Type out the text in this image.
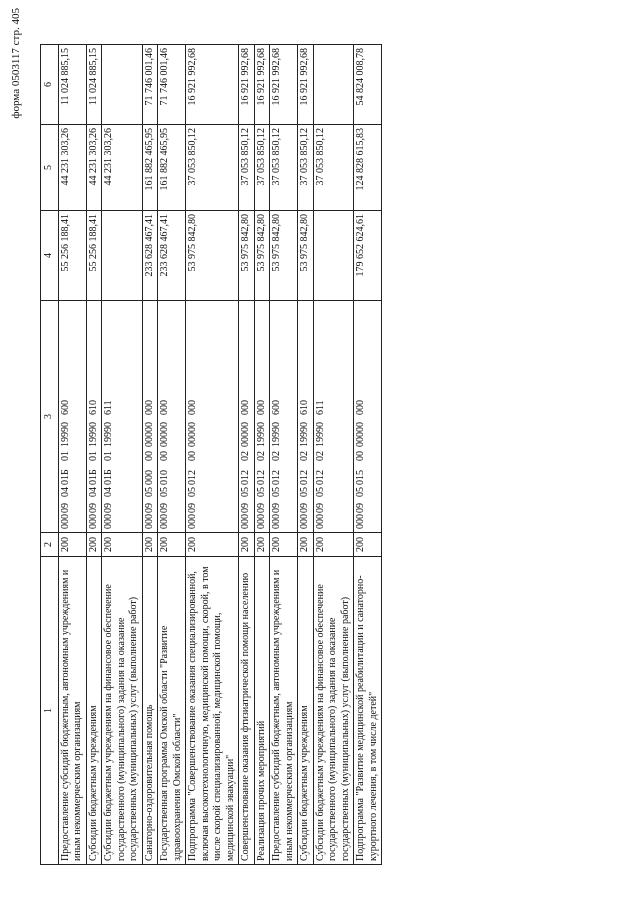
форма 0503117 стр. 405
1	2	3	4	5	6
Предоставление субсидий бюджетным, автономным учреждениям и иным некоммерческим организациям	200	000090401Б0119990600	55 256 188,41	44 231 303,26	11 024 885,15
Субсидии бюджетным учреждениям	200	000090401Б0119990610	55 256 188,41	44 231 303,26	11 024 885,15
Субсидии бюджетным учреждениям на финансовое обеспечение государственного (муниципального) задания на оказание государственных (муниципальных) услуг (выполнение работ)	200	000090401Б0119990611		44 231 303,26	
Санаторно-оздоровительная помощь	200	00009050000000000000	233 628 467,41	161 882 465,95	71 746 001,46
Государственная программа Омской области "Развитие здравоохранения Омской области"	200	00009050100000000000	233 628 467,41	161 882 465,95	71 746 001,46
Подпрограмма "Совершенствование оказания специализированной, включая высокотехнологичную, медицинской помощи, скорой, в том числе скорой специализированной, медицинской помощи, медицинской эвакуации"	200	00009050120000000000	53 975 842,80	37 053 850,12	16 921 992,68
Совершенствование оказания фтизиатрической помощи населению	200	00009050120200000000	53 975 842,80	37 053 850,12	16 921 992,68
Реализация прочих мероприятий	200	00009050120219990000	53 975 842,80	37 053 850,12	16 921 992,68
Предоставление субсидий бюджетным, автономным учреждениям и иным некоммерческим организациям	200	00009050120219990600	53 975 842,80	37 053 850,12	16 921 992,68
Субсидии бюджетным учреждениям	200	00009050120219990610	53 975 842,80	37 053 850,12	16 921 992,68
Субсидии бюджетным учреждениям на финансовое обеспечение государственного (муниципального) задания на оказание государственных (муниципальных) услуг (выполнение работ)	200	00009050120219990611		37 053 850,12	
Подпрограмма "Развитие медицинской реабилитации и санаторно-курортного лечения, в том числе детей"	200	00009050150000000000	179 652 624,61	124 828 615,83	54 824 008,78
